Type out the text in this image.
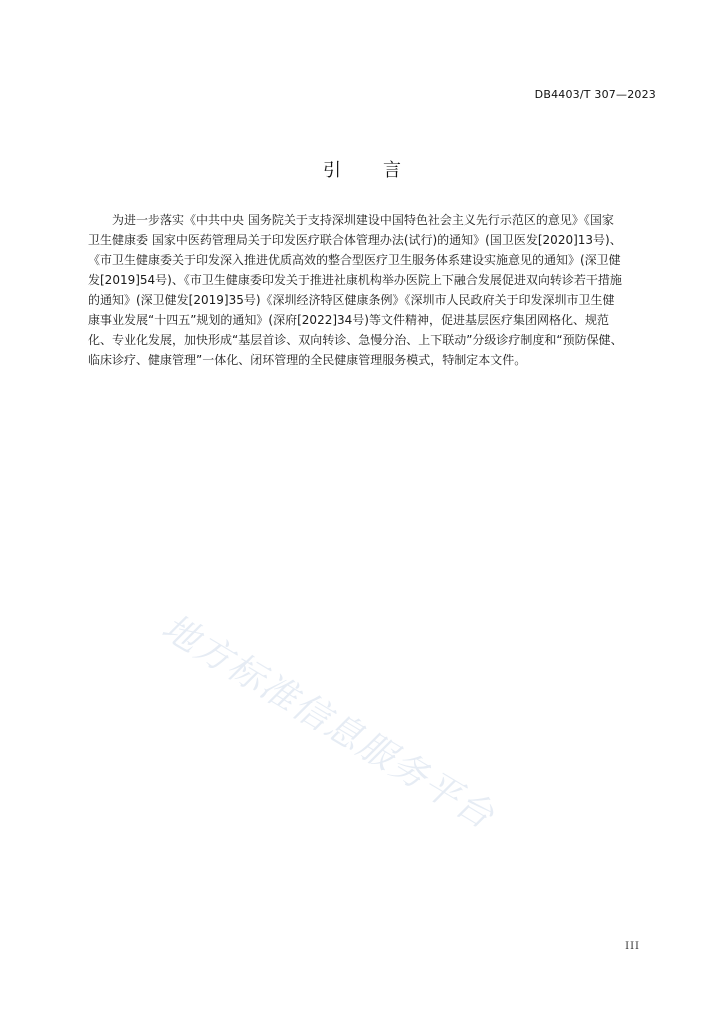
DB4403/T 307—2023
引 言
地方标准信息服务平台
　　为进一步落实《中共中央 国务院关于支持深圳建设中国特色社会主义先行示范区的意见》《国家
卫生健康委 国家中医药管理局关于印发医疗联合体管理办法(试行)的通知》(国卫医发[2020]13号)、
《市卫生健康委关于印发深入推进优质高效的整合型医疗卫生服务体系建设实施意见的通知》(深卫健
发[2019]54号)、《市卫生健康委印发关于推进社康机构举办医院上下融合发展促进双向转诊若干措施
的通知》(深卫健发[2019]35号)《深圳经济特区健康条例》《深圳市人民政府关于印发深圳市卫生健
康事业发展“十四五”规划的通知》(深府[2022]34号)等文件精神，促进基层医疗集团网格化、规范
化、专业化发展，加快形成“基层首诊、双向转诊、急慢分治、上下联动”分级诊疗制度和“预防保健、
临床诊疗、健康管理”一体化、闭环管理的全民健康管理服务模式，特制定本文件。
III
